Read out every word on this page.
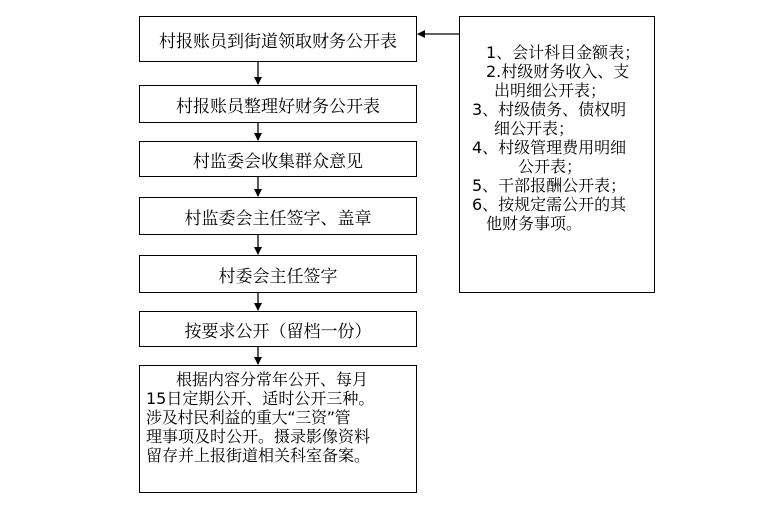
村报账员到街道领取财务公开表
村报账员整理好财务公开表
村监委会收集群众意见
村监委会主任签字、盖章
村委会主任签字
按要求公开（留档一份）
根据内容分常年公开、每月
15日定期公开、适时公开三种。
涉及村民利益的重大“三资”管
理事项及时公开。摄录影像资料
留存并上报街道相关科室备案。
1、会计科目金额表；
2.村级财务收入、支
出明细公开表；
3、村级债务、债权明
细公开表；
4、村级管理费用明细
公开表；
5、干部报酬公开表；
6、按规定需公开的其
他财务事项。
